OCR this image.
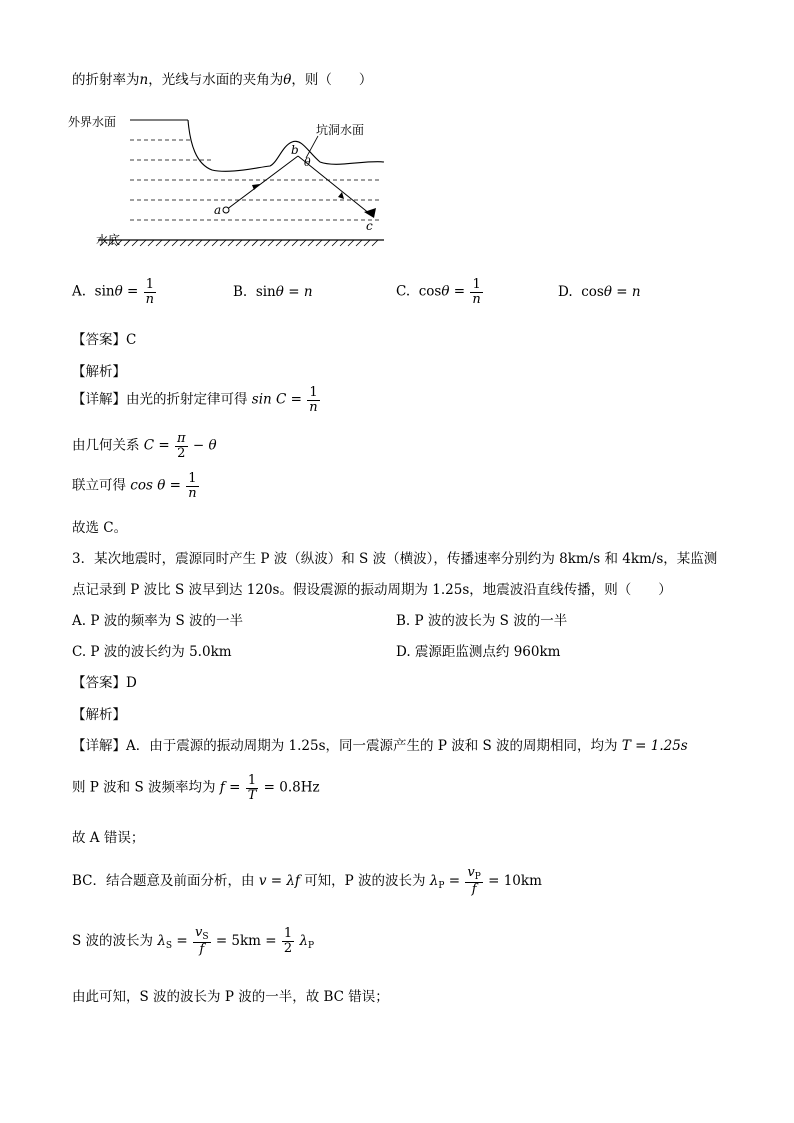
的折射率为n，光线与水面的夹角为θ，则（　　）
外界水面
坑洞水面
水底
a
b
c
θ
A. $\sin\theta = \frac{1}{n}$	B. sinθ = n	C. $\cos\theta = \frac{1}{n}$	D. cosθ = n
【答案】C
【解析】
【详解】由光的折射定律可得 $\sin C = \frac{1}{n}$
由几何关系 $C = \frac{\pi}{2} - \theta$
联立可得 $\cos \theta = \frac{1}{n}$
故选 C。
3．某次地震时，震源同时产生 P 波（纵波）和 S 波（横波），传播速率分别约为 8km/s 和 4km/s，某监测
点记录到 P 波比 S 波早到达 120s。假设震源的振动周期为 1.25s，地震波沿直线传播，则（　　）
A. P 波的频率为 S 波的一半	B. P 波的波长为 S 波的一半
C. P 波的波长约为 5.0km	D. 震源距监测点约 960km
【答案】D
【解析】
【详解】A．由于震源的振动周期为 1.25s，同一震源产生的 P 波和 S 波的周期相同，均为 T = 1.25s
则 P 波和 S 波频率均为 $f = \frac{1}{T} = 0.8Hz$
故 A 错误；
BC．结合题意及前面分析，由 v = λf 可知，P 波的波长为 $\lambda_P = \frac{v_P}{f} = 10km$
S 波的波长为 $\lambda_S = \frac{v_S}{f} = 5km = \frac{1}{2} \lambda_P$
由此可知，S 波的波长为 P 波的一半，故 BC 错误；
